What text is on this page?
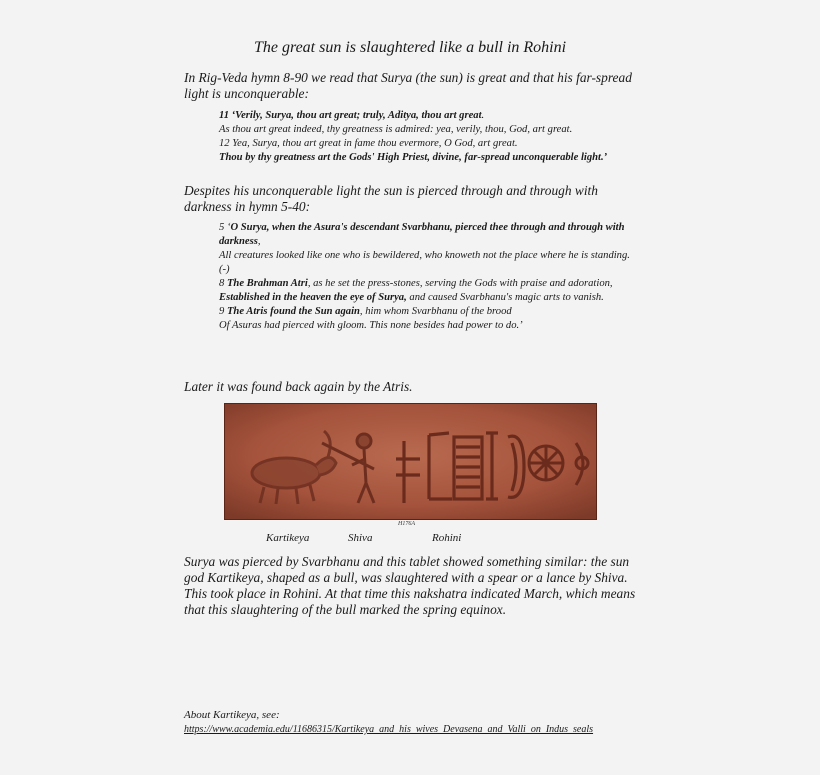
The great sun is slaughtered like a bull in Rohini

In Rig-Veda hymn 8-90 we read that Surya (the sun) is great and that his far-spread light is unconquerable:

11 ‘Verily, Surya, thou art great; truly, Aditya, thou art great.

As thou art great indeed, thy greatness is admired: yea, verily, thou, God, art great.

12 Yea, Surya, thou art great in fame thou evermore, O God, art great.

Thou by thy greatness art the Gods' High Priest, divine, far-spread unconquerable light.’

Despites his unconquerable light the sun is pierced through and through with darkness in hymn 5-40:

5 ‘O Surya, when the Asura's descendant Svarbhanu, pierced thee through and through with darkness,

All creatures looked like one who is bewildered, who knoweth not the place where he is standing.

(-)

8 The Brahman Atri, as he set the press-stones, serving the Gods with praise and adoration,

Established in the heaven the eye of Surya, and caused Svarbhanu's magic arts to vanish.

9 The Atris found the Sun again, him whom Svarbhanu of the brood

Of Asuras had pierced with gloom. This none besides had power to do.’

Later it was found back again by the Atris.

H176A
Kartikeya	Shiva	Rohini

Surya was pierced by Svarbhanu and this tablet showed something similar: the sun god Kartikeya, shaped as a bull, was slaughtered with a spear or a lance by Shiva.

This took place in Rohini. At that time this nakshatra indicated March, which means that this slaughtering of the bull marked the spring equinox.

About Kartikeya, see:

https://www.academia.edu/11686315/Kartikeya_and_his_wives_Devasena_and_Valli_on_Indus_seals
